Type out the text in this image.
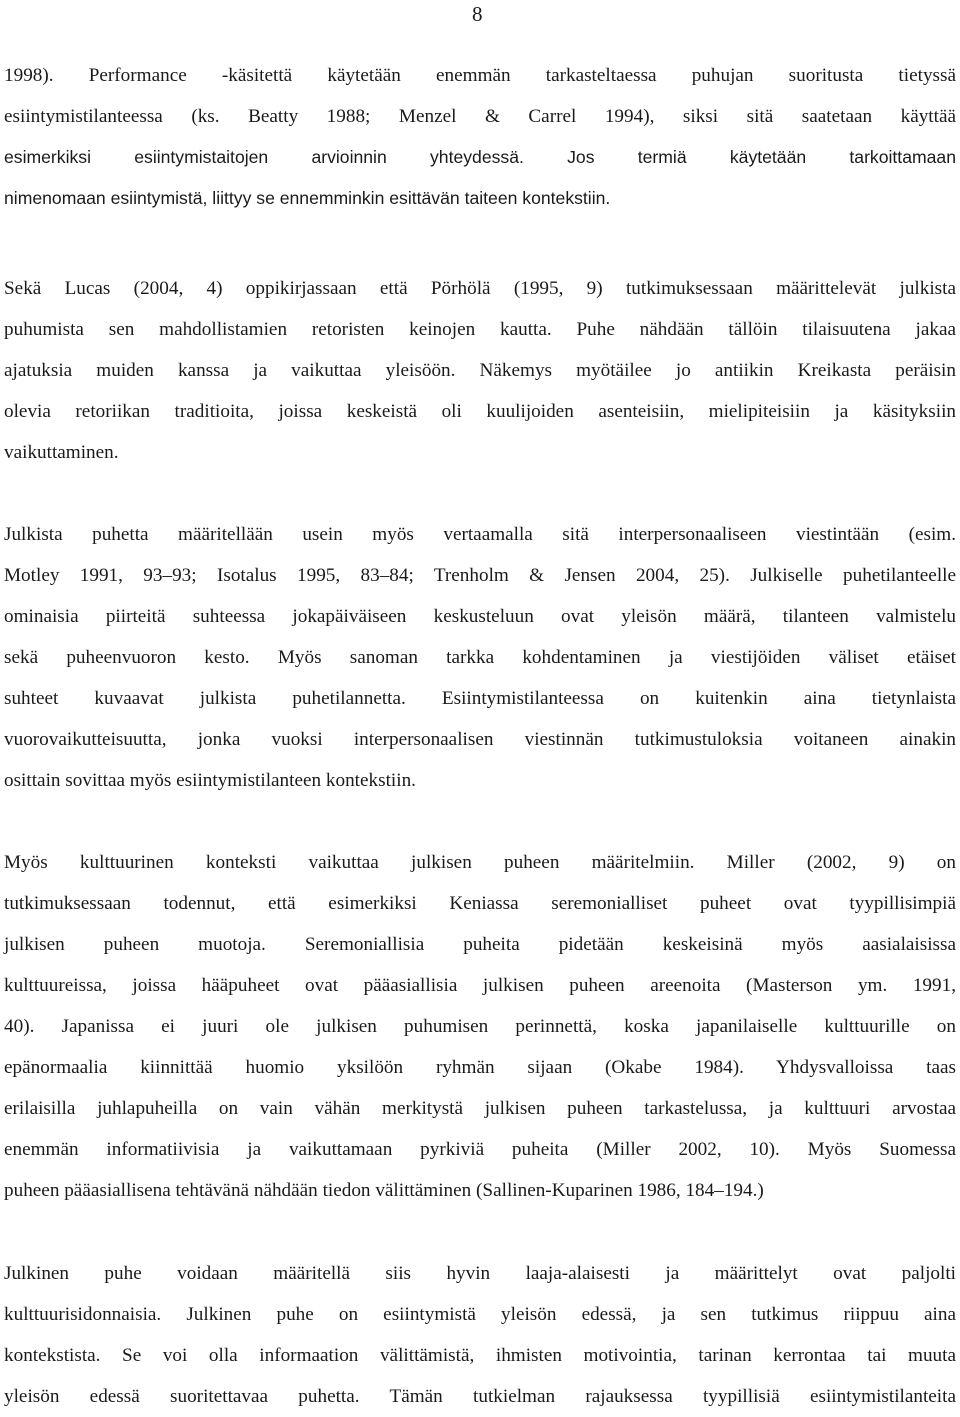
8
1998). Performance -käsitettä käytetään enemmän tarkasteltaessa puhujan suoritusta tietyssä
esiintymistilanteessa (ks. Beatty 1988; Menzel & Carrel 1994), siksi sitä saatetaan käyttää
esimerkiksi esiintymistaitojen arvioinnin yhteydessä. Jos termiä käytetään tarkoittamaan
nimenomaan esiintymistä, liittyy se ennemminkin esittävän taiteen kontekstiin.
Sekä Lucas (2004, 4) oppikirjassaan että Pörhölä (1995, 9) tutkimuksessaan määrittelevät julkista
puhumista sen mahdollistamien retoristen keinojen kautta. Puhe nähdään tällöin tilaisuutena jakaa
ajatuksia muiden kanssa ja vaikuttaa yleisöön. Näkemys myötäilee jo antiikin Kreikasta peräisin
olevia retoriikan traditioita, joissa keskeistä oli kuulijoiden asenteisiin, mielipiteisiin ja käsityksiin
vaikuttaminen.
Julkista puhetta määritellään usein myös vertaamalla sitä interpersonaaliseen viestintään (esim.
Motley 1991, 93–93; Isotalus 1995, 83–84; Trenholm & Jensen 2004, 25). Julkiselle puhetilanteelle
ominaisia piirteitä suhteessa jokapäiväiseen keskusteluun ovat yleisön määrä, tilanteen valmistelu
sekä puheenvuoron kesto. Myös sanoman tarkka kohdentaminen ja viestijöiden väliset etäiset
suhteet kuvaavat julkista puhetilannetta. Esiintymistilanteessa on kuitenkin aina tietynlaista
vuorovaikutteisuutta, jonka vuoksi interpersonaalisen viestinnän tutkimustuloksia voitaneen ainakin
osittain sovittaa myös esiintymistilanteen kontekstiin.
Myös kulttuurinen konteksti vaikuttaa julkisen puheen määritelmiin. Miller (2002, 9) on
tutkimuksessaan todennut, että esimerkiksi Keniassa seremonialliset puheet ovat tyypillisimpiä
julkisen puheen muotoja. Seremoniallisia puheita pidetään keskeisinä myös aasialaisissa
kulttuureissa, joissa hääpuheet ovat pääasiallisia julkisen puheen areenoita (Masterson ym. 1991,
40). Japanissa ei juuri ole julkisen puhumisen perinnettä, koska japanilaiselle kulttuurille on
epänormaalia kiinnittää huomio yksilöön ryhmän sijaan (Okabe 1984). Yhdysvalloissa taas
erilaisilla juhlapuheilla on vain vähän merkitystä julkisen puheen tarkastelussa, ja kulttuuri arvostaa
enemmän informatiivisia ja vaikuttamaan pyrkiviä puheita (Miller 2002, 10). Myös Suomessa
puheen pääasiallisena tehtävänä nähdään tiedon välittäminen (Sallinen-Kuparinen 1986, 184–194.)
Julkinen puhe voidaan määritellä siis hyvin laaja-alaisesti ja määrittelyt ovat paljolti
kulttuurisidonnaisia. Julkinen puhe on esiintymistä yleisön edessä, ja sen tutkimus riippuu aina
kontekstista. Se voi olla informaation välittämistä, ihmisten motivointia, tarinan kerrontaa tai muuta
yleisön edessä suoritettavaa puhetta. Tämän tutkielman rajauksessa tyypillisiä esiintymistilanteita
